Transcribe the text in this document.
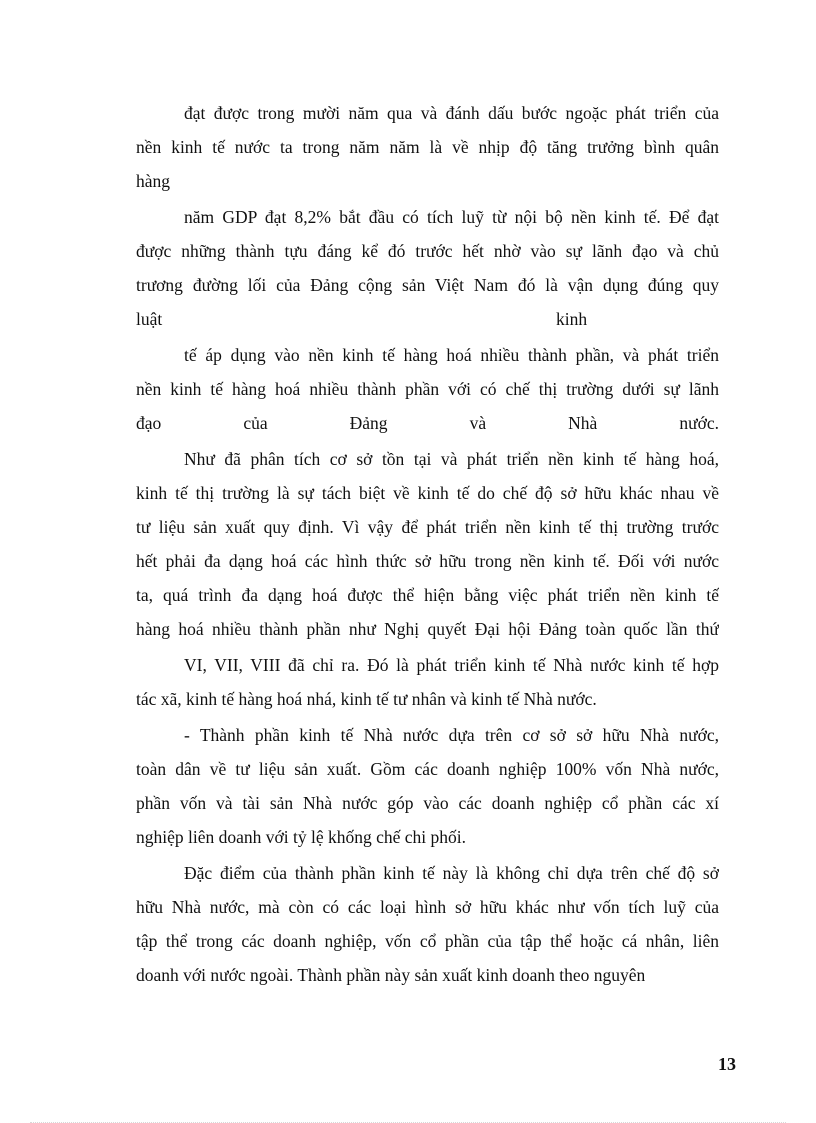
đạt được trong mười năm qua và đánh dấu bước ngoặc phát triển của
nền kinh tế nước ta trong năm năm là về nhịp độ tăng trưởng bình quân
hàng
năm GDP đạt 8,2% bắt đầu có tích luỹ từ nội bộ nền kinh tế. Để đạt
được những thành tựu đáng kể đó trước hết nhờ vào sự lãnh đạo và chủ
trương đường lối của Đảng cộng sản Việt Nam đó là vận dụng đúng quy
luật                                                                                          kinh
tế áp dụng vào nền kinh tế hàng hoá nhiều thành phần, và phát triển
nền kinh tế hàng hoá nhiều thành phần với có chế thị trường dưới sự lãnh
đạo của Đảng và Nhà nước.
Như đã phân tích cơ sở tồn tại và phát triển nền kinh tế hàng hoá,
kinh tế thị trường là sự tách biệt về kinh tế do chế độ sở hữu khác nhau về
tư liệu sản xuất quy định. Vì vậy để phát triển nền kinh tế thị trường trước
hết phải đa dạng hoá các hình thức sở hữu trong nền kinh tế. Đối với nước
ta, quá trình đa dạng hoá được thể hiện bằng việc phát triển nền kinh tế
hàng hoá nhiều thành phần như Nghị quyết Đại hội Đảng toàn quốc lần thứ
VI, VII, VIII đã chỉ ra. Đó là phát triển kinh tế Nhà nước kinh tế hợp
tác xã, kinh tế hàng hoá nhá, kinh tế tư nhân và kinh tế Nhà nước.
- Thành phần kinh tế Nhà nước dựa trên cơ sở sở hữu Nhà nước,
toàn dân về tư liệu sản xuất. Gồm các doanh nghiệp 100% vốn Nhà nước,
phần vốn và tài sản Nhà nước góp vào các doanh nghiệp cổ phần các xí
nghiệp liên doanh với tỷ lệ khống chế chi phối.
Đặc điểm của thành phần kinh tế này là không chỉ dựa trên chế độ sở
hữu Nhà nước, mà còn có các loại hình sở hữu khác như vốn tích luỹ của
tập thể trong các doanh nghiệp, vốn cổ phần của tập thể hoặc cá nhân, liên
doanh với nước ngoài. Thành phần này sản xuất kinh doanh theo nguyên
13
